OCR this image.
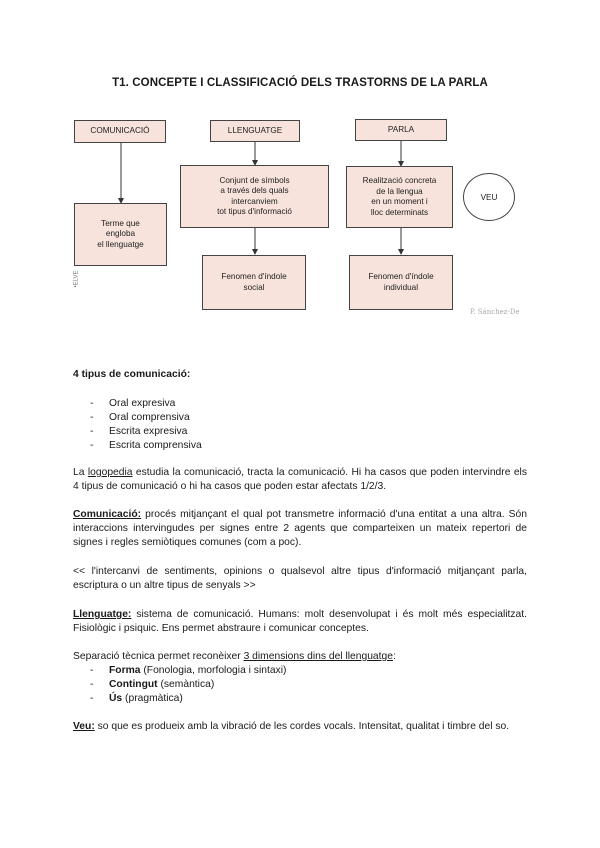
T1. CONCEPTE I CLASSIFICACIÓ DELS TRASTORNS DE LA PARLA
COMUNICACIÓ	LLENGUATGE	PARLA
Terme que
engloba
el llenguatge
Conjunt de símbols
a través dels quals
intercanviem
tot tipus d'informació
Realització concreta
de la llengua
en un moment i
lloc determinats
VEU
Fenomen d'índole
social
Fenomen d'índole
individual
•ELVE
P. Sánchez-De
4 tipus de comunicació:
- Oral expresiva
- Oral comprensiva
- Escrita expresiva
- Escrita comprensiva
La logopedia estudia la comunicació, tracta la comunicació. Hi ha casos que poden intervindre els 4 tipus de comunicació o hi ha casos que poden estar afectats 1/2/3.
Comunicació: procés mitjançant el qual pot transmetre informació d'una entitat a una altra. Són interaccions intervingudes per signes entre 2 agents que comparteixen un mateix repertori de signes i regles semiòtiques comunes (com a poc).
<< l'intercanvi de sentiments, opinions o qualsevol altre tipus d'informació mitjançant parla, escriptura o un altre tipus de senyals >>
Llenguatge: sistema de comunicació. Humans: molt desenvolupat i és molt més especialitzat. Fisiològic i psiquic. Ens permet abstraure i comunicar conceptes.
Separació tècnica permet reconèixer 3 dimensions dins del llenguatge:
- Forma (Fonologia, morfologia i sintaxi)
- Contingut (semàntica)
- Ús (pragmàtica)
Veu: so que es produeix amb la vibració de les cordes vocals. Intensitat, qualitat i timbre del so.
